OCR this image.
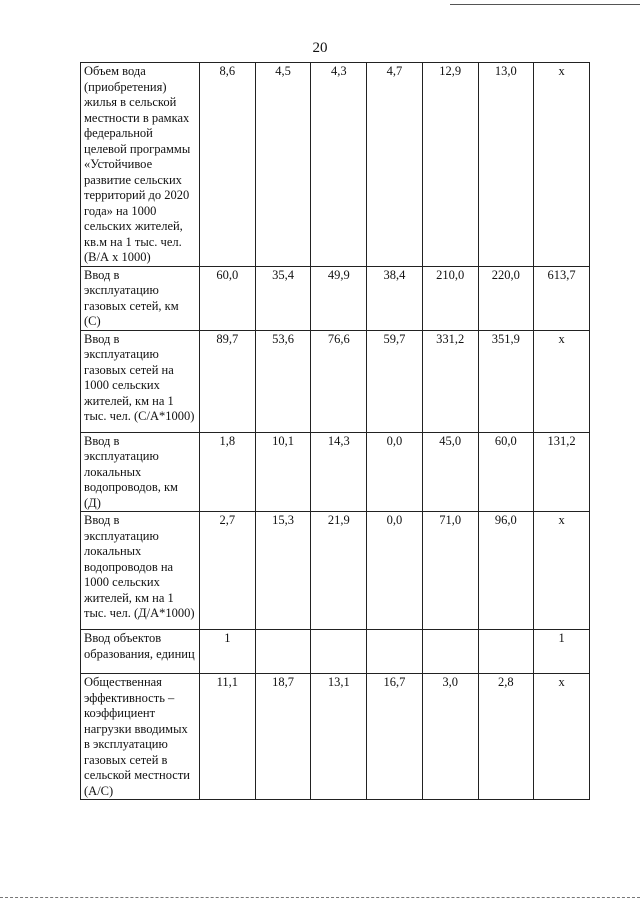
20
Объем вода (приобретения) жилья в сельской местности в рамках федеральной целевой программы «Устойчивое развитие сельских территорий до 2020 года» на 1000 сельских жителей, кв.м на 1 тыс. чел. (В/А х 1000)	8,6	4,5	4,3	4,7	12,9	13,0	x
Ввод в эксплуатацию газовых сетей, км (С)	60,0	35,4	49,9	38,4	210,0	220,0	613,7
Ввод в эксплуатацию газовых сетей на 1000 сельских жителей, км на 1 тыс. чел. (С/А*1000)	89,7	53,6	76,6	59,7	331,2	351,9	x
Ввод в эксплуатацию локальных водопроводов, км (Д)	1,8	10,1	14,3	0,0	45,0	60,0	131,2
Ввод в эксплуатацию локальных водопроводов на 1000 сельских жителей, км на 1 тыс. чел. (Д/А*1000)	2,7	15,3	21,9	0,0	71,0	96,0	x
Ввод объектов образования, единиц	1						1
Общественная эффективность – коэффициент нагрузки вводимых в эксплуатацию газовых сетей в сельской местности (А/С)	11,1	18,7	13,1	16,7	3,0	2,8	x
